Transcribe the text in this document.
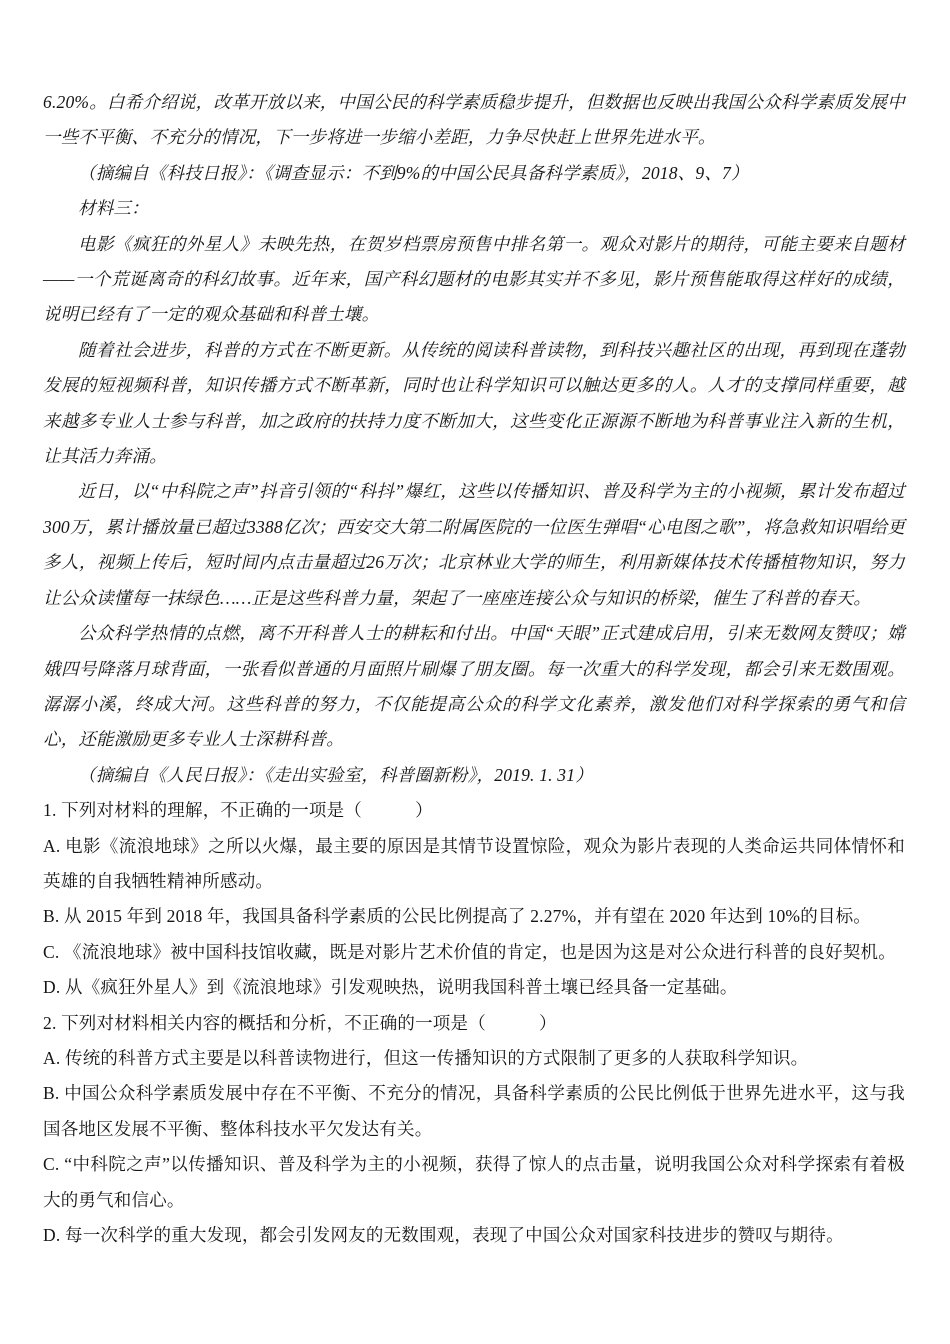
6.20%。白希介绍说，改革开放以来，中国公民的科学素质稳步提升，但数据也反映出我国公众科学素质发展中一些不平衡、不充分的情况，下一步将进一步缩小差距，力争尽快赶上世界先进水平。

（摘编自《科技日报》：《调查显示：不到9%的中国公民具备科学素质》，2018、9、7）

材料三：

电影《疯狂的外星人》未映先热，在贺岁档票房预售中排名第一。观众对影片的期待，可能主要来自题材——一个荒诞离奇的科幻故事。近年来，国产科幻题材的电影其实并不多见，影片预售能取得这样好的成绩，说明已经有了一定的观众基础和科普土壤。

随着社会进步，科普的方式在不断更新。从传统的阅读科普读物，到科技兴趣社区的出现，再到现在蓬勃发展的短视频科普，知识传播方式不断革新，同时也让科学知识可以触达更多的人。人才的支撑同样重要，越来越多专业人士参与科普，加之政府的扶持力度不断加大，这些变化正源源不断地为科普事业注入新的生机，让其活力奔涌。

近日，以“中科院之声”抖音引领的“科抖”爆红，这些以传播知识、普及科学为主的小视频，累计发布超过300万，累计播放量已超过3388亿次；西安交大第二附属医院的一位医生弹唱“心电图之歌”，将急救知识唱给更多人，视频上传后，短时间内点击量超过26万次；北京林业大学的师生，利用新媒体技术传播植物知识，努力让公众读懂每一抹绿色……正是这些科普力量，架起了一座座连接公众与知识的桥梁，催生了科普的春天。

公众科学热情的点燃，离不开科普人士的耕耘和付出。中国“天眼”正式建成启用，引来无数网友赞叹；嫦娥四号降落月球背面，一张看似普通的月面照片刷爆了朋友圈。每一次重大的科学发现，都会引来无数围观。潺潺小溪，终成大河。这些科普的努力，不仅能提高公众的科学文化素养，激发他们对科学探索的勇气和信心，还能激励更多专业人士深耕科普。

（摘编自《人民日报》：《走出实验室，科普圈新粉》，2019. 1. 31）

1. 下列对材料的理解，不正确的一项是（　　　）

A. 电影《流浪地球》之所以火爆，最主要的原因是其情节设置惊险，观众为影片表现的人类命运共同体情怀和英雄的自我牺牲精神所感动。

B. 从 2015 年到 2018 年，我国具备科学素质的公民比例提高了 2.27%，并有望在 2020 年达到 10%的目标。

C. 《流浪地球》被中国科技馆收藏，既是对影片艺术价值的肯定，也是因为这是对公众进行科普的良好契机。

D. 从《疯狂外星人》到《流浪地球》引发观映热，说明我国科普土壤已经具备一定基础。

2. 下列对材料相关内容的概括和分析，不正确的一项是（　　　）

A. 传统的科普方式主要是以科普读物进行，但这一传播知识的方式限制了更多的人获取科学知识。

B. 中国公众科学素质发展中存在不平衡、不充分的情况，具备科学素质的公民比例低于世界先进水平，这与我国各地区发展不平衡、整体科技水平欠发达有关。

C. “中科院之声”以传播知识、普及科学为主的小视频，获得了惊人的点击量，说明我国公众对科学探索有着极大的勇气和信心。

D. 每一次科学的重大发现，都会引发网友的无数围观，表现了中国公众对国家科技进步的赞叹与期待。
